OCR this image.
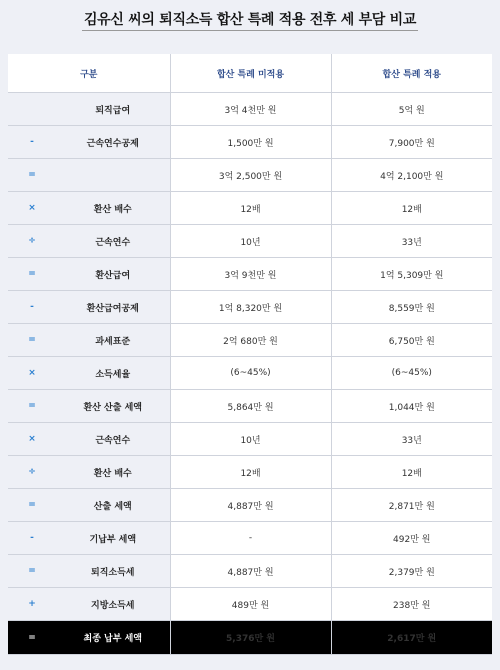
김유신 씨의 퇴직소득 합산 특례 적용 전후 세 부담 비교
구분		합산 특례 미적용	합산 특례 적용
	퇴직급여	3억 4천만 원	5억 원
-	근속연수공제	1,500만 원	7,900만 원
=		3억 2,500만 원	4억 2,100만 원
×	환산 배수	12배	12배
÷	근속연수	10년	33년
=	환산급여	3억 9천만 원	1억 5,309만 원
-	환산급여공제	1억 8,320만 원	8,559만 원
=	과세표준	2억 680만 원	6,750만 원
×	소득세율	(6~45%)	(6~45%)
=	환산 산출 세액	5,864만 원	1,044만 원
×	근속연수	10년	33년
÷	환산 배수	12배	12배
=	산출 세액	4,887만 원	2,871만 원
-	기납부 세액	-	492만 원
=	퇴직소득세	4,887만 원	2,379만 원
+	지방소득세	489만 원	238만 원
=	최종 납부 세액	5,376만 원	2,617만 원
